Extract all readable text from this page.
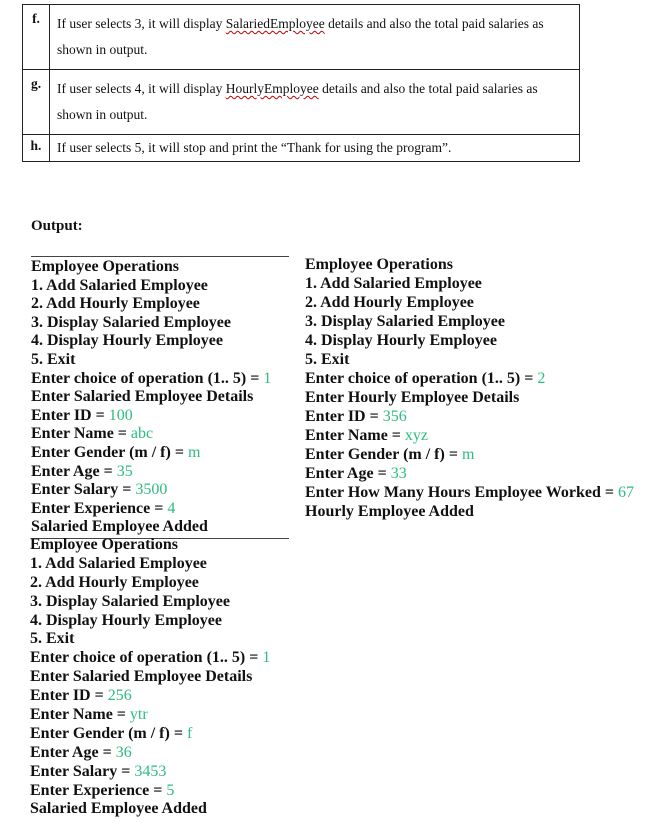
f.	If user selects 3, it will display SalariedEmployee details and also the total paid salaries as shown in output.
g.	If user selects 4, it will display HourlyEmployee details and also the total paid salaries as shown in output.
h.	If user selects 5, it will stop and print the “Thank for using the program”.
Output:
Employee Operations
1. Add Salaried Employee
2. Add Hourly Employee
3. Display Salaried Employee
4. Display Hourly Employee
5. Exit
Enter choice of operation (1.. 5) = 1
Enter Salaried Employee Details
Enter ID = 100
Enter Name = abc
Enter Gender (m / f) = m
Enter Age = 35
Enter Salary = 3500
Enter Experience = 4
Salaried Employee Added
Employee Operations
1. Add Salaried Employee
2. Add Hourly Employee
3. Display Salaried Employee
4. Display Hourly Employee
5. Exit
Enter choice of operation (1.. 5) = 2
Enter Hourly Employee Details
Enter ID = 356
Enter Name = xyz
Enter Gender (m / f) = m
Enter Age = 33
Enter How Many Hours Employee Worked = 67
Hourly Employee Added
Employee Operations
1. Add Salaried Employee
2. Add Hourly Employee
3. Display Salaried Employee
4. Display Hourly Employee
5. Exit
Enter choice of operation (1.. 5) = 1
Enter Salaried Employee Details
Enter ID = 256
Enter Name = ytr
Enter Gender (m / f) = f
Enter Age = 36
Enter Salary = 3453
Enter Experience = 5
Salaried Employee Added
